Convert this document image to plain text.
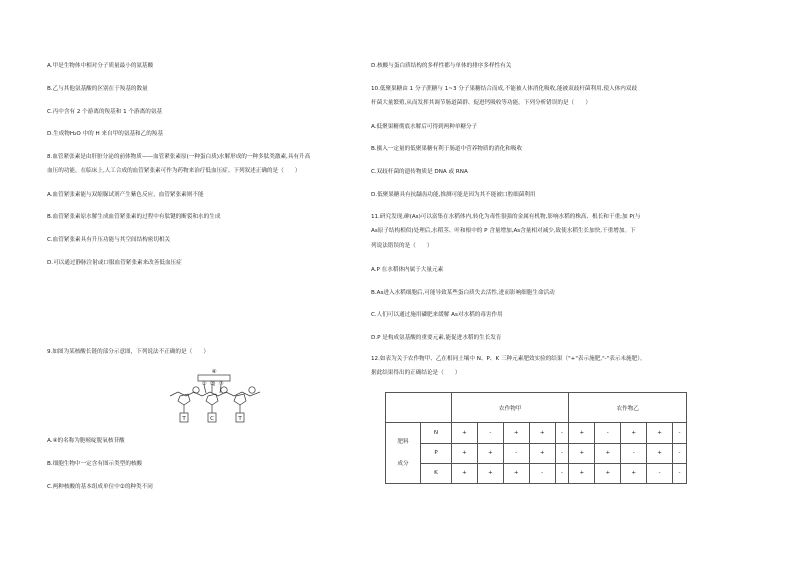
A.甲是生物体中相对分子质量最小的氨基酸
B.乙与其他氨基酸的区别在于羧基的数量
C.丙中含有 2 个游离的羧基和 1 个游离的氨基
D.生成物H₂O 中的 H 来自甲的氨基和乙的羧基
8.血管紧张素是由肝脏分泌的前体物质——血管紧张素原(一种蛋白质)水解形成的一种多肽类激素,具有升高
血压的功能。在临床上,人工合成的血管紧张素可作为药物来治疗低血压症。下列叙述正确的是（　　）
A.血管紧张素能与双缩脲试剂产生紫色反应，血管紧张素则不能
B.血管紧张素原水解生成血管紧张素的过程中有肽键的断裂和水的生成
C.血管紧张素具有升压功能与其空间结构密切相关
D.可以通过静脉注射或口服血管紧张素来改善低血压症
9.如图为某核酸长链的部分示意图，下列说法不正确的是（　　）
④
① ② ③
T	C	T
A.④的名称为胞嘧啶脱氧核苷酸
B.细胞生物中一定含有图示类型的核酸
C.两种核酸的基本组成单位中②的种类不同
D.核酸与蛋白质结构的多样性都与单体的排序多样性有关
10.低聚果糖由 1 分子蔗糖与 1~3 分子果糖结合而成,不能被人体消化吸收,能被双歧杆菌利用,使人体内双歧
杆菌大量繁殖,从而发挥其调节肠道菌群、促进钙吸收等功能。下列分析错误的是（　　）
A.低聚果糖彻底水解后可得到两种单糖分子
B.摄入一定量的低聚果糖有利于肠道中营养物质的消化和吸收
C.双歧杆菌的遗传物质是 DNA 或 RNA
D.低聚果糖具有抗龋齿功能,推测可能是因为其不能被口腔细菌利用
11.研究发现,砷(As)可以富集在水稻体内,转化为毒性很强的金属有机物,影响水稻的株高、根长和干重;加 P(与
As原子结构相似)处理后,水稻茎、叶和根中的 P 含量增加,As含量相对减少,致使水稻生长加快,干重增加。下
列说法错误的是（　　）
A.P 在水稻体内属于大量元素
B.As进入水稻细胞后,可能导致某些蛋白质失去活性,进而影响细胞生命活动
C.人们可以通过施用磷肥来缓解 As对水稻的毒害作用
D.P 是构成氨基酸的重要元素,能促进水稻的生长发育
12.如表为关于农作物甲、乙在相同土壤中 N、P、K 三种元素肥效实验的结果（"+"表示施肥,"-"表示未施肥）。
据此结果得出的正确结论是（　　）
		农作物甲					农作物乙				
肥料
成分	N	+	-	+	+	-	+	-	+	+	-
	P	+	+	-	+	-	+	+	-	+	-
	K	+	+	+	-	-	+	+	+	-	-
